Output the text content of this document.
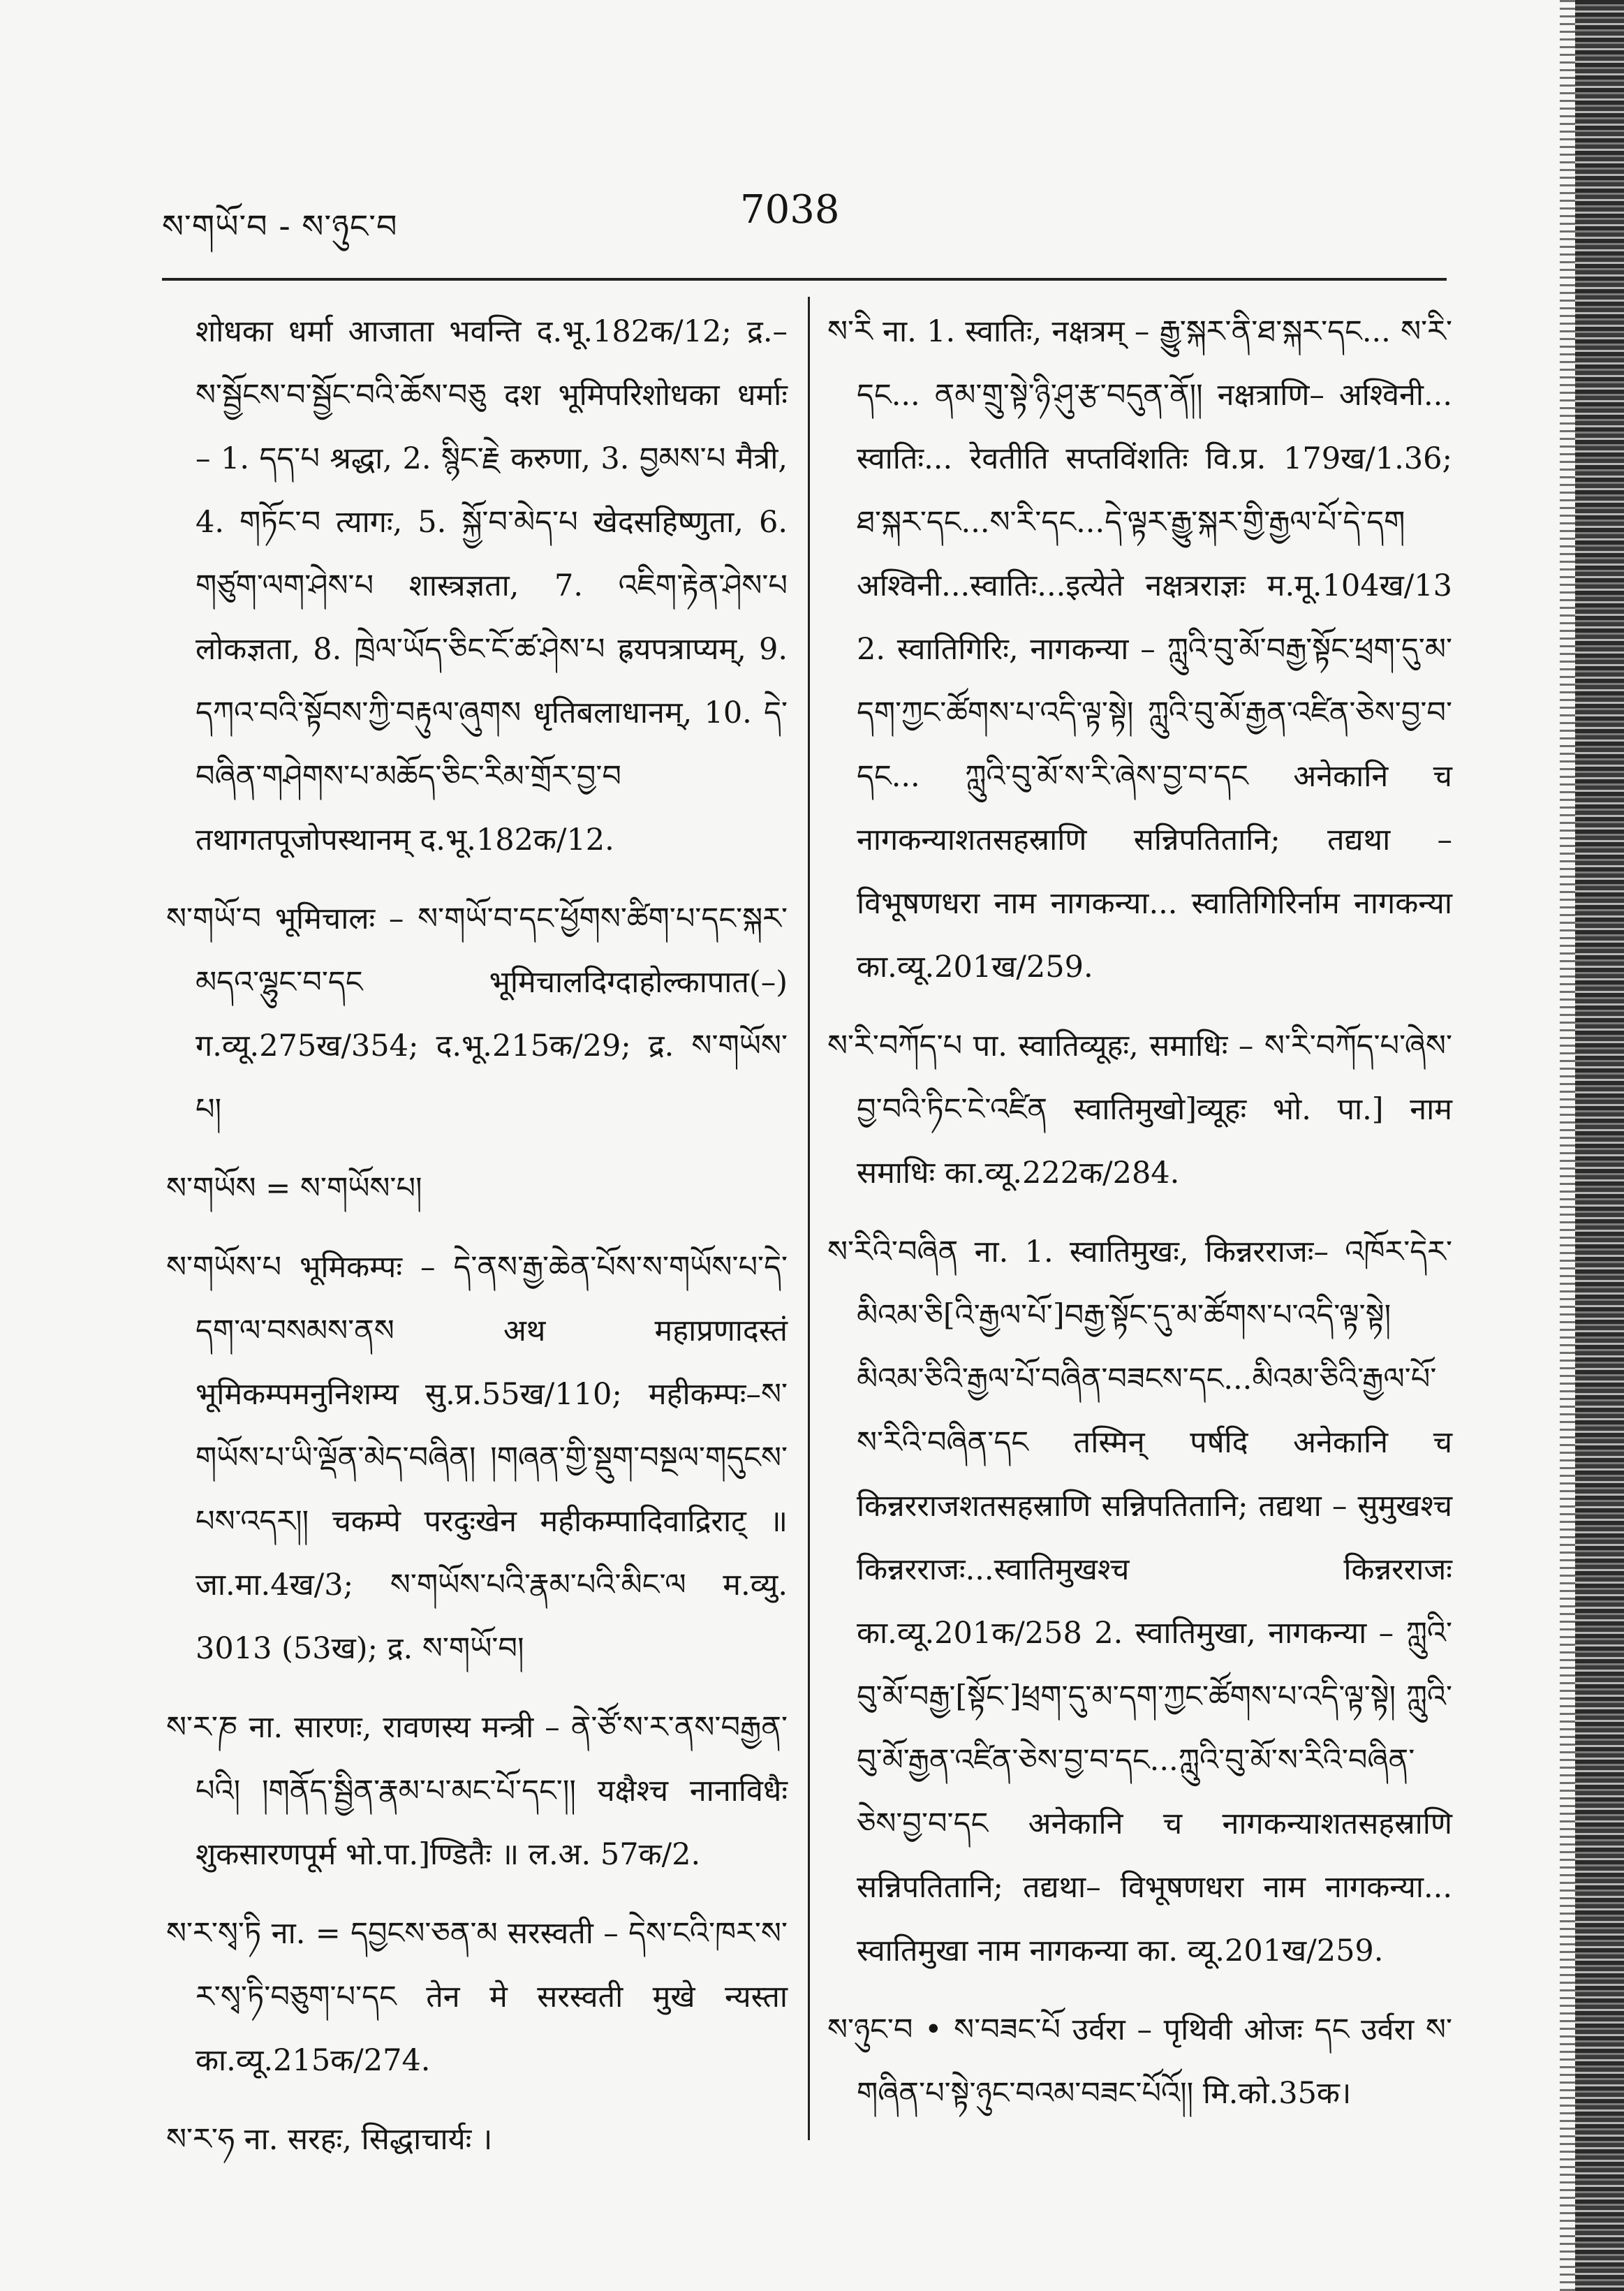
ས་གཡོ་བ - ས་ཉུང་བ	7038

शोधका धर्मा आजाता भवन्ति द.भू.182क/12; द्र.– ས་སྦྱོངས་བ་སྦྱོང་བའི་ཆོས་བཅུ दश भूमिपरिशोधका धर्माः – 1. དད་པ श्रद्धा, 2. སྙིང་རྗེ करुणा, 3. བྱམས་པ मैत्री, 4. གཏོང་བ त्यागः, 5. སྐྱོ་བ་མེད་པ खेदसहिष्णुता, 6. གཙུག་ལག་ཤེས་པ शास्त्रज्ञता, 7. འཇིག་རྟེན་ཤེས་པ लोकज्ञता, 8. ཁྲེལ་ཡོད་ཅིང་ངོ་ཚ་ཤེས་པ ह्रयपत्राप्यम्, 9. དཀའ་བའི་སྟོབས་ཀྱི་བརྟུལ་ཞུགས धृतिबलाधानम्, 10. དེ་བཞིན་གཤེགས་པ་མཆོད་ཅིང་རིམ་གྲོར་བྱ་བ तथागतपूजोपस्थानम् द.भू.182क/12.

ས་གཡོ་བ भूमिचालः – ས་གཡོ་བ་དང་ཕྱོགས་ཚིག་པ་དང་སྐར་མདའ་ལྷུང་བ་དང भूमिचालदिग्दाहोल्कापात(–) ग.व्यू.275ख/354; द.भू.215क/29; द्र. ས་གཡོས་པ།

ས་གཡོས = ས་གཡོས་པ།

ས་གཡོས་པ भूमिकम्पः – དེ་ནས་རྒྱ་ཆེན་པོས་ས་གཡོས་པ་དེ་དག་ལ་བསམས་ནས अथ महाप्रणादस्तं भूमिकम्पमनुनिशम्य सु.प्र.55ख/110; महीकम्पः–ས་གཡོས་པ་ཡི་ལྡོན་མེད་བཞིན། །གཞན་གྱི་སྡུག་བསྔལ་གདུངས་པས་འདར།། चकम्पे परदुःखेन महीकम्पादिवाद्रिराट् ॥ जा.मा.4ख/3; ས་གཡོས་པའི་རྣམ་པའི་མིང་ལ म.व्यु. 3013 (53ख); द्र. ས་གཡོ་བ།

ས་ར་ཎ ना. सारणः, रावणस्य मन्त्री – ནེ་ཙོ་ས་ར་ནས་བརྒྱན་པའི། །གནོད་སྦྱིན་རྣམ་པ་མང་པོ་དང་།། यक्षैश्च नानाविधैः शुकसारणपूर्म भो.पा.]ण्डितैः ॥ ल.अ. 57क/2.

ས་ར་སྭ་ཏི ना. = དབྱངས་ཅན་མ सरस्वती – དེས་ངའི་ཁར་ས་ར་སྭ་ཏི་བཅུག་པ་དང तेन मे सरस्वती मुखे न्यस्ता का.व्यू.215क/274.

ས་ར་ཧ ना. सरहः, सिद्धाचार्यः ।

ས་རི ना. 1. स्वातिः, नक्षत्रम् – རྒྱུ་སྐར་ནི་ཐ་སྐར་དང... ས་རི་དང... ནམ་གྲུ་སྟེ་ཉི་ཤུ་རྩ་བདུན་ནོ།། नक्षत्राणि– अश्विनी... स्वातिः... रेवतीति सप्तविंशतिः वि.प्र. 179ख/1.36; ཐ་སྐར་དང...ས་རི་དང...དེ་ལྟར་རྒྱུ་སྐར་གྱི་རྒྱལ་པོ་དེ་དག अश्विनी...स्वातिः...इत्येते नक्षत्रराज्ञः म.मू.104ख/13 2. स्वातिगिरिः, नागकन्या – ཀླུའི་བུ་མོ་བརྒྱ་སྟོང་ཕྲག་དུ་མ་དག་ཀྱང་ཚོགས་པ་འདི་ལྟ་སྟེ། ཀླུའི་བུ་མོ་རྒྱན་འཛིན་ཅེས་བྱ་བ་དང... ཀླུའི་བུ་མོ་ས་རི་ཞེས་བྱ་བ་དང अनेकानि च नागकन्याशतसहस्राणि सन्निपतितानि; तद्यथा – विभूषणधरा नाम नागकन्या... स्वातिगिरिर्नाम नागकन्या का.व्यू.201ख/259.

ས་རི་བཀོད་པ पा. स्वातिव्यूहः, समाधिः – ས་རི་བཀོད་པ་ཞེས་བྱ་བའི་ཏིང་ངེ་འཛིན स्वातिमुखो]व्यूहः भो. पा.] नाम समाधिः का.व्यू.222क/284.

ས་རིའི་བཞིན ना. 1. स्वातिमुखः, किन्नरराजः– འཁོར་དེར་མིའམ་ཅི[འི་རྒྱལ་པོ་]བརྒྱ་སྟོང་དུ་མ་ཚོགས་པ་འདི་ལྟ་སྟེ། མིའམ་ཅིའི་རྒྱལ་པོ་བཞིན་བཟངས་དང...མིའམ་ཅིའི་རྒྱལ་པོ་ས་རིའི་བཞིན་དང तस्मिन् पर्षदि अनेकानि च किन्नरराजशतसहस्राणि सन्निपतितानि; तद्यथा – सुमुखश्च किन्नरराजः...स्वातिमुखश्च किन्नरराजः का.व्यू.201क/258 2. स्वातिमुखा, नागकन्या – ཀླུའི་བུ་མོ་བརྒྱ་[སྟོང་]ཕྲག་དུ་མ་དག་ཀྱང་ཚོགས་པ་འདི་ལྟ་སྟེ། ཀླུའི་བུ་མོ་རྒྱན་འཛིན་ཅེས་བྱ་བ་དང...ཀླུའི་བུ་མོ་ས་རིའི་བཞིན་ཅེས་བྱ་བ་དང अनेकानि च नागकन्याशतसहस्राणि सन्निपतितानि; तद्यथा– विभूषणधरा नाम नागकन्या... स्वातिमुखा नाम नागकन्या का. व्यू.201ख/259.

ས་ཉུང་བ • ས་བཟང་པོ उर्वरा – पृथिवी ओजः དང उर्वरा ས་གཞིན་པ་སྟེ་ཉུང་བའམ་བཟང་པོའོ།། मि.को.35क।
